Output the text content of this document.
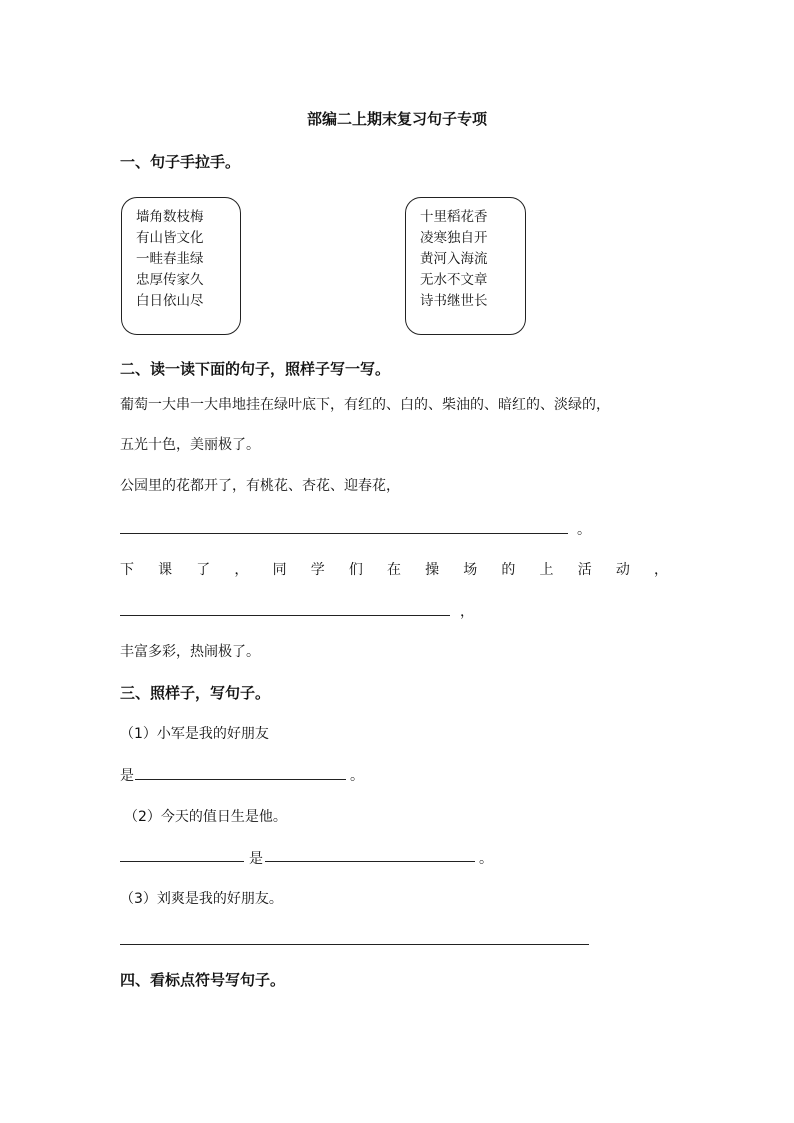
部编二上期末复习句子专项
一、句子手拉手。
墙角数枝梅
有山皆文化
一畦春韭绿
忠厚传家久
白日依山尽
十里稻花香
凌寒独自开
黄河入海流
无水不文章
诗书继世长
二、读一读下面的句子，照样子写一写。
葡萄一大串一大串地挂在绿叶底下，有红的、白的、柴油的、暗红的、淡绿的，
五光十色，美丽极了。
公园里的花都开了，有桃花、杏花、迎春花，
。
下 课 了 ， 同 学 们 在 操 场 的 上 活 动 ，
，
丰富多彩，热闹极了。
三、照样子，写句子。
（1）小军是我的好朋友
是	。
（2）今天的值日生是他。
是	。
（3）刘爽是我的好朋友。
四、看标点符号写句子。
